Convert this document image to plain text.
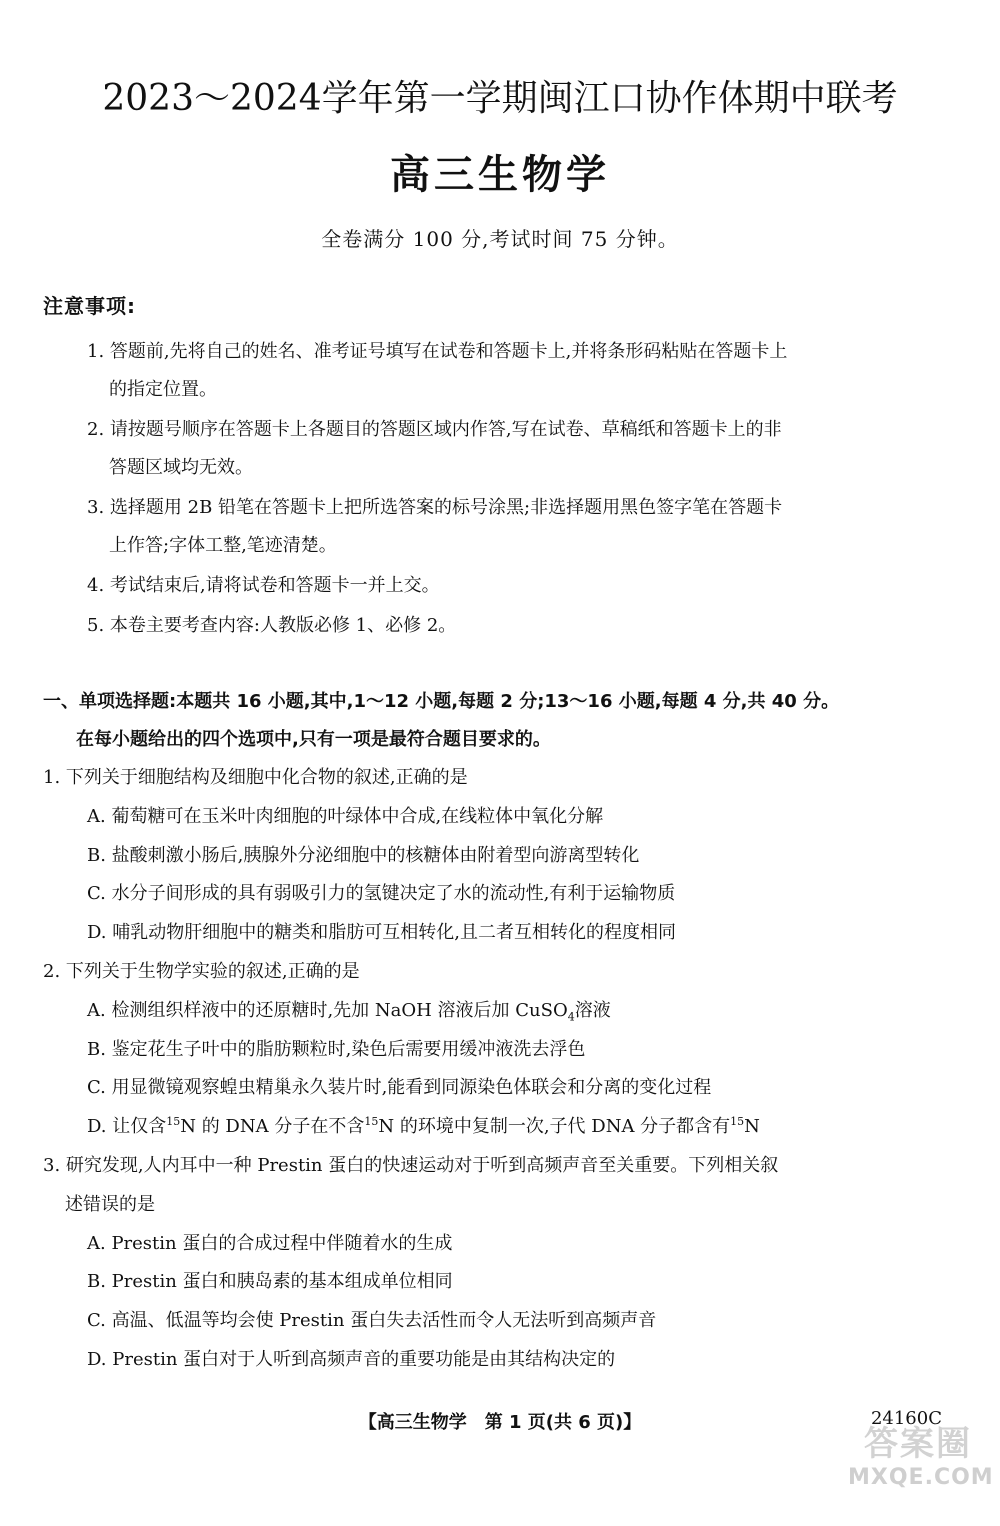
2023～2024学年第一学期闽江口协作体期中联考
高三生物学
全卷满分 100 分,考试时间 75 分钟。
注意事项:
1. 答题前,先将自己的姓名、准考证号填写在试卷和答题卡上,并将条形码粘贴在答题卡上
的指定位置。
2. 请按题号顺序在答题卡上各题目的答题区域内作答,写在试卷、草稿纸和答题卡上的非
答题区域均无效。
3. 选择题用 2B 铅笔在答题卡上把所选答案的标号涂黑;非选择题用黑色签字笔在答题卡
上作答;字体工整,笔迹清楚。
4. 考试结束后,请将试卷和答题卡一并上交。
5. 本卷主要考查内容:人教版必修 1、必修 2。
一、单项选择题:本题共 16 小题,其中,1～12 小题,每题 2 分;13～16 小题,每题 4 分,共 40 分。
在每小题给出的四个选项中,只有一项是最符合题目要求的。
1. 下列关于细胞结构及细胞中化合物的叙述,正确的是
A. 葡萄糖可在玉米叶肉细胞的叶绿体中合成,在线粒体中氧化分解
B. 盐酸刺激小肠后,胰腺外分泌细胞中的核糖体由附着型向游离型转化
C. 水分子间形成的具有弱吸引力的氢键决定了水的流动性,有利于运输物质
D. 哺乳动物肝细胞中的糖类和脂肪可互相转化,且二者互相转化的程度相同
2. 下列关于生物学实验的叙述,正确的是
A. 检测组织样液中的还原糖时,先加 NaOH 溶液后加 CuSO$_4$溶液
B. 鉴定花生子叶中的脂肪颗粒时,染色后需要用缓冲液洗去浮色
C. 用显微镜观察蝗虫精巢永久装片时,能看到同源染色体联会和分离的变化过程
D. 让仅含$^{15}$N 的 DNA 分子在不含$^{15}$N 的环境中复制一次,子代 DNA 分子都含有$^{15}$N
3. 研究发现,人内耳中一种 Prestin 蛋白的快速运动对于听到高频声音至关重要。下列相关叙
述错误的是
A. Prestin 蛋白的合成过程中伴随着水的生成
B. Prestin 蛋白和胰岛素的基本组成单位相同
C. 高温、低温等均会使 Prestin 蛋白失去活性而令人无法听到高频声音
D. Prestin 蛋白对于人听到高频声音的重要功能是由其结构决定的
【高三生物学　第 1 页(共 6 页)】	24160C
答案圈
MXQE.COM
